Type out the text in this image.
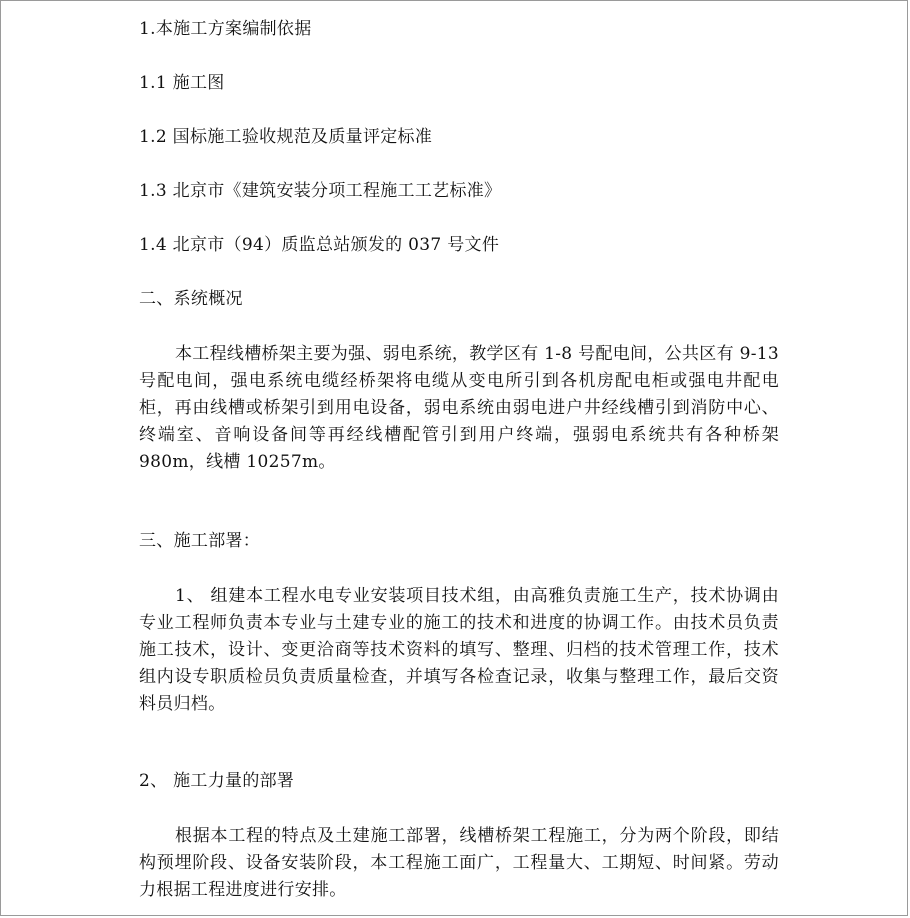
1.本施工方案编制依据
1.1 施工图
1.2 国标施工验收规范及质量评定标准
1.3 北京市《建筑安装分项工程施工工艺标准》
1.4 北京市（94）质监总站颁发的 037 号文件
二、系统概况
本工程线槽桥架主要为强、弱电系统，教学区有 1-8 号配电间，公共区有 9-13 号配电间，强电系统电缆经桥架将电缆从变电所引到各机房配电柜或强电井配电柜，再由线槽或桥架引到用电设备，弱电系统由弱电进户井经线槽引到消防中心、终端室、音响设备间等再经线槽配管引到用户终端，强弱电系统共有各种桥架 980m，线槽 10257m。
三、施工部署：
1、 组建本工程水电专业安装项目技术组，由高雅负责施工生产，技术协调由专业工程师负责本专业与土建专业的施工的技术和进度的协调工作。由技术员负责施工技术，设计、变更洽商等技术资料的填写、整理、归档的技术管理工作，技术组内设专职质检员负责质量检查，并填写各检查记录，收集与整理工作，最后交资料员归档。
2、 施工力量的部署
根据本工程的特点及土建施工部署，线槽桥架工程施工，分为两个阶段，即结构预埋阶段、设备安装阶段，本工程施工面广，工程量大、工期短、时间紧。劳动力根据工程进度进行安排。
